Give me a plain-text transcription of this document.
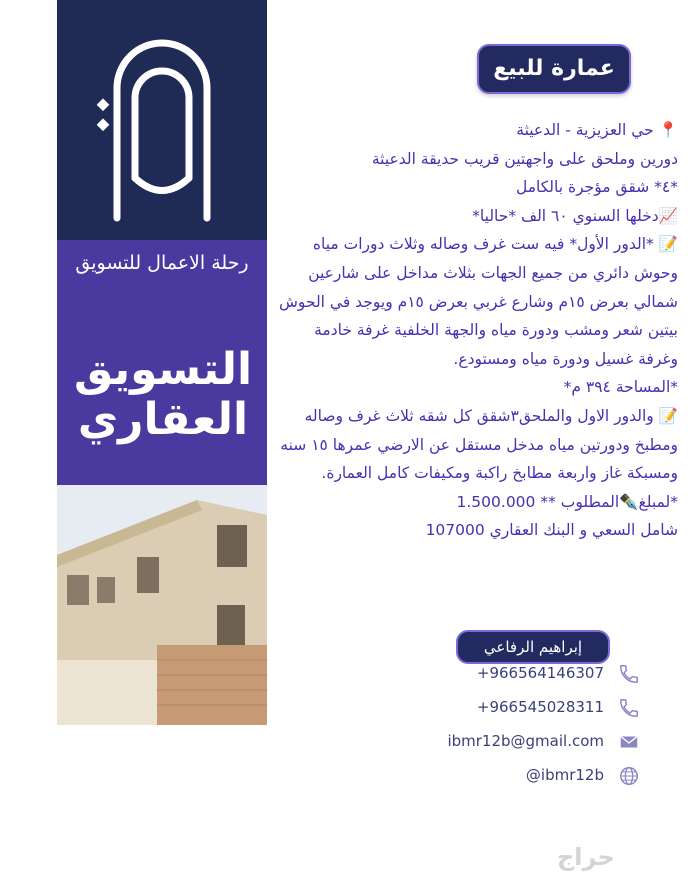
رحلة الاعمال للتسويق
التسويق
العقاري
عمارة للبيع

📍 حي العزيزية - الدعيثة

دورين وملحق على واجهتين قريب حديقة الدعيثة

*٤* شقق مؤجرة بالكامل

📈دخلها السنوي ٦٠ الف *حاليا*

📝 *الدور الأول* فيه ست غرف وصاله وثلاث دورات مياه وحوش دائري من جميع الجهات بثلاث مداخل على شارعين شمالي بعرض ١٥م وشارع غربي بعرض ١٥م ويوجد في الحوش بيتين شعر ومشب ودورة مياه والجهة الخلفية غرفة خادمة وغرفة غسيل ودورة مياه ومستودع.

*المساحة ٣٩٤ م*

📝 والدور الاول والملحق٣شقق كل شقه ثلاث غرف وصاله ومطبخ ودورتين مياه مدخل مستقل عن الارضي عمرها ١٥ سنه

ومسبكة غاز واربعة مطابخ راكبة ومكيفات كامل العمارة.

*لمبلغ✒️المطلوب ** 1.500.000

شامل السعي و البنك العقاري 107000

إبراهيم الرفاعي
+966564146307
+966545028311
ibmr12b@gmail.com
@ibmr12b
حراج
